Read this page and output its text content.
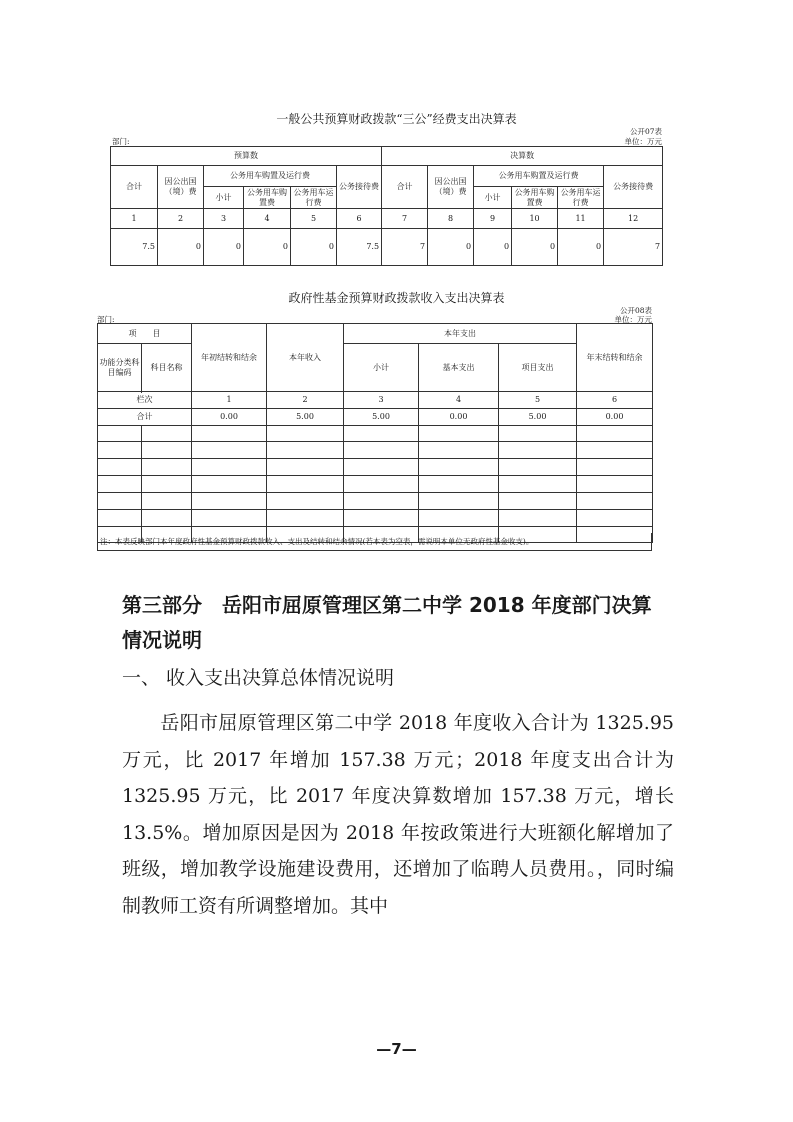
一般公共预算财政拨款“三公”经费支出决算表
部门:
公开07表
单位：万元
预算数						决算数					
合计	因公出国（境）费	公务用车购置及运行费			公务接待费	合计	因公出国（境）费	公务用车购置及运行费			公务接待费
		小计	公务用车购置费	公务用车运行费				小计	公务用车购置费	公务用车运行费	
1	2	3	4	5	6	7	8	9	10	11	12
7.5	0	0	0	0	7.5	7	0	0	0	0	7
政府性基金预算财政拨款收入支出决算表
部门:
公开08表
单位：万元
项　　目		年初结转和结余	本年收入	本年支出			年末结转和结余
功能分类科目编码	科目名称			小计	基本支出	项目支出	

栏次		1	2	3	4	5	6
合计		0.00	5.00	5.00	0.00	5.00	0.00

注：本表反映部门本年度政府性基金预算财政拨款收入、支出及结转和结余情况(若本表为空表，需说明本单位无政府性基金收支)。
第三部分　岳阳市屈原管理区第二中学 2018 年度部门决算
情况说明
一、 收入支出决算总体情况说明
岳阳市屈原管理区第二中学 2018 年度收入合计为 1325.95 万元，比 2017 年增加 157.38 万元；2018 年度支出合计为 1325.95 万元，比 2017 年度决算数增加 157.38 万元，增长 13.5%。增加原因是因为 2018 年按政策进行大班额化解增加了班级，增加教学设施建设费用，还增加了临聘人员费用。，同时编制教师工资有所调整增加。其中
—7—
